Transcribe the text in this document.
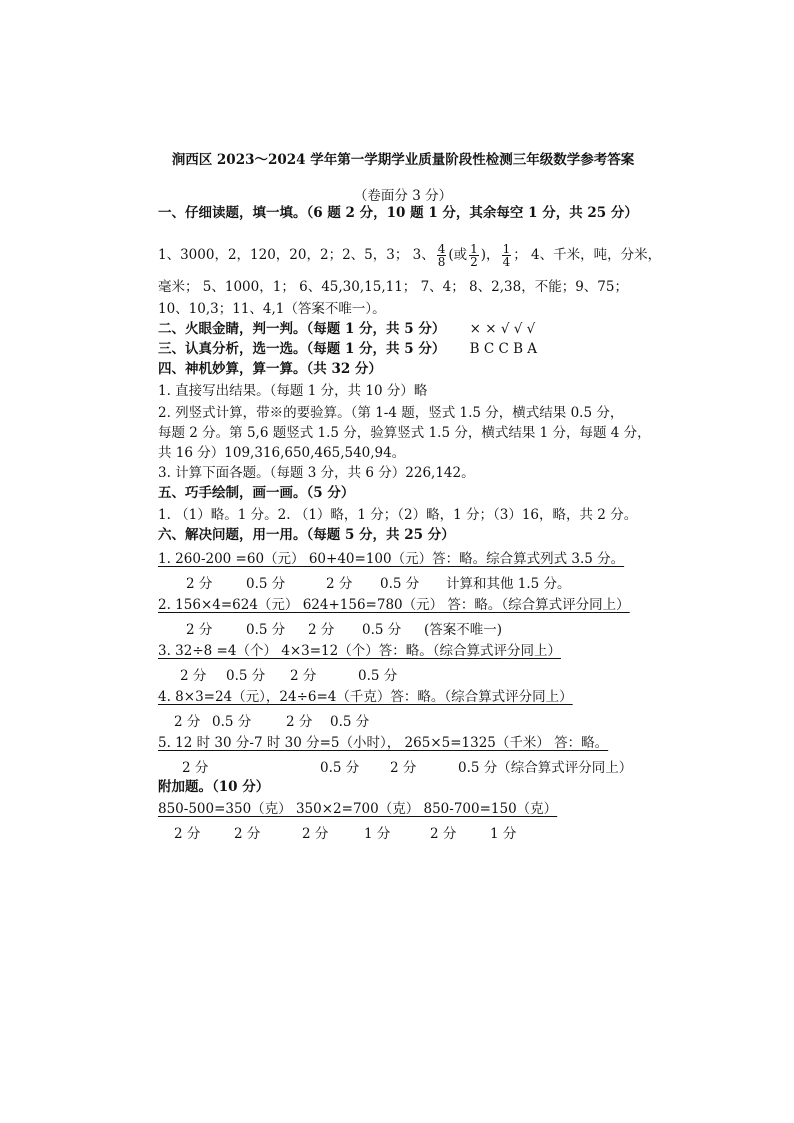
涧西区 2023～2024 学年第一学期学业质量阶段性检测三年级数学参考答案
（卷面分 3 分）
一、仔细读题，填一填。（6 题 2 分，10 题 1 分，其余每空 1 分，共 25 分）
1、3000，2，120，20，2；2、5，3； 3、 $\frac{4}{8}$ (或 $\frac{1}{2}$ )， $\frac{1}{4}$ ； 4、千米，吨，分米，
毫米； 5、1000，1； 6、45,30,15,11； 7、4； 8、2,38，不能；9、75；
10、10,3；11、4,1（答案不唯一）。
二、火眼金睛，判一判。（每题 1 分，共 5 分） × × √ √ √
三、认真分析，选一选。（每题 1 分，共 5 分） B C C B A
四、神机妙算，算一算。（共 32 分）
1. 直接写出结果。（每题 1 分，共 10 分）略
2. 列竖式计算，带※的要验算。（第 1-4 题，竖式 1.5 分，横式结果 0.5 分，
每题 2 分。第 5,6 题竖式 1.5 分，验算竖式 1.5 分，横式结果 1 分，每题 4 分，
共 16 分）109,316,650,465,540,94。
3. 计算下面各题。（每题 3 分，共 6 分）226,142。
五、巧手绘制，画一画。（5 分）
1. （1）略。1 分。2. （1）略，1 分；（2）略，1 分；（3）16，略，共 2 分。
六、解决问题，用一用。（每题 5 分，共 25 分）
1. 260-200 =60（元） 60+40=100（元）答：略。综合算式列式 3.5 分。
2 分 0.5 分	2 分 0.5 分 计算和其他 1.5 分。
2. 156×4=624（元） 624+156=780（元） 答：略。（综合算式评分同上）
2 分 0.5 分 2 分 0.5 分 (答案不唯一)
3. 32÷8 =4（个） 4×3=12（个）答：略。（综合算式评分同上）
2 分 0.5 分 2 分	0.5 分
4. 8×3=24（元），24÷6=4（千克）答：略。（综合算式评分同上）
2 分 0.5 分	2 分 0.5 分
5. 12 时 30 分-7 时 30 分=5（小时）， 265×5=1325（千米） 答：略。
2 分	0.5 分 2 分	0.5 分（综合算式评分同上）
附加题。（10 分）
850-500=350（克） 350×2=700（克） 850-700=150（克）
2 分 2 分	2 分	1 分	2 分 1 分
